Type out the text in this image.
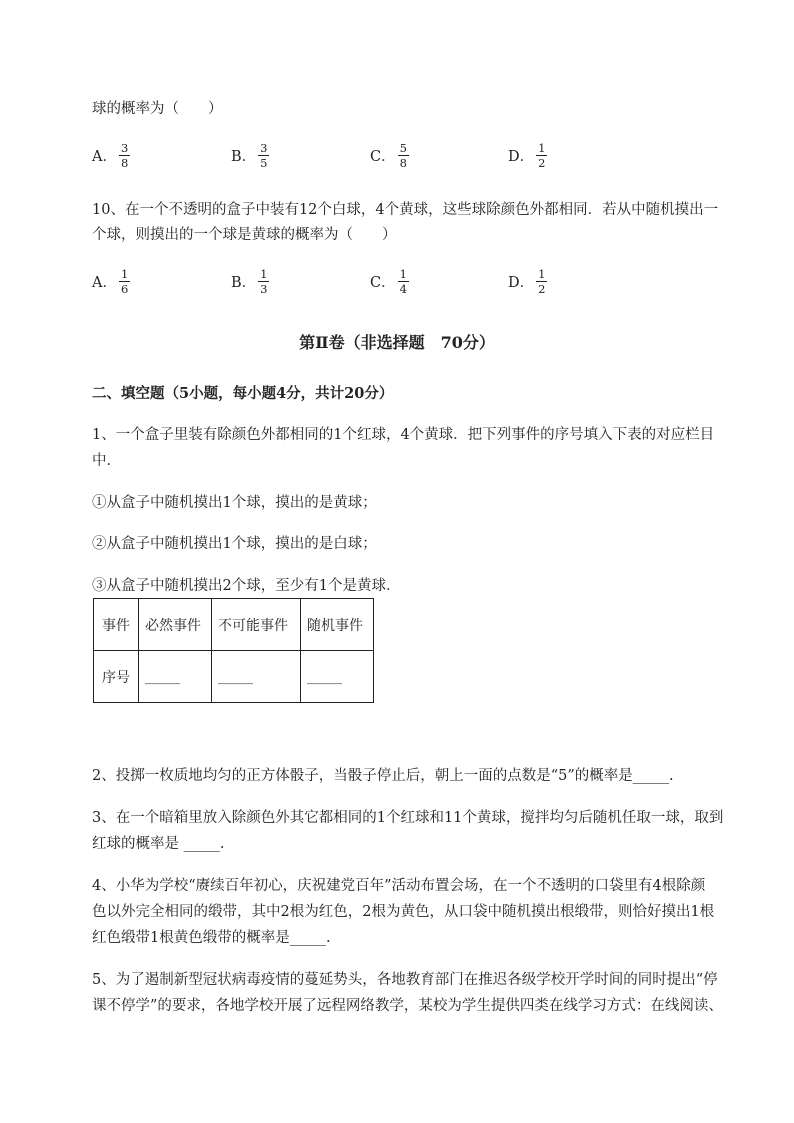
球的概率为（　　）
A． $\frac{3}{8}$	B． $\frac{3}{5}$	C． $\frac{5}{8}$	D． $\frac{1}{2}$
10、在一个不透明的盒子中装有12个白球，4个黄球，这些球除颜色外都相同．若从中随机摸出一
个球，则摸出的一个球是黄球的概率为（　　）
A． $\frac{1}{6}$	B． $\frac{1}{3}$	C． $\frac{1}{4}$	D． $\frac{1}{2}$
第Ⅱ卷（非选择题　70分）
二、填空题（5小题，每小题4分，共计20分）
1、一个盒子里装有除颜色外都相同的1个红球，4个黄球．把下列事件的序号填入下表的对应栏目
中．
①从盒子中随机摸出1个球，摸出的是黄球；
②从盒子中随机摸出1个球，摸出的是白球；
③从盒子中随机摸出2个球，至少有1个是黄球．
事件	必然事件	不可能事件	随机事件
序号	_____	_____	_____
2、投掷一枚质地均匀的正方体骰子，当骰子停止后，朝上一面的点数是“5”的概率是_____.
3、在一个暗箱里放入除颜色外其它都相同的1个红球和11个黄球，搅拌均匀后随机任取一球，取到
红球的概率是 _____.
4、小华为学校“赓续百年初心，庆祝建党百年”活动布置会场，在一个不透明的口袋里有4根除颜
色以外完全相同的缎带，其中2根为红色，2根为黄色，从口袋中随机摸出根缎带，则恰好摸出1根
红色缎带1根黄色缎带的概率是_____.
5、为了遏制新型冠状病毒疫情的蔓延势头，各地教育部门在推迟各级学校开学时间的同时提出“停
课不停学”的要求，各地学校开展了远程网络教学，某校为学生提供四类在线学习方式：在线阅读、
